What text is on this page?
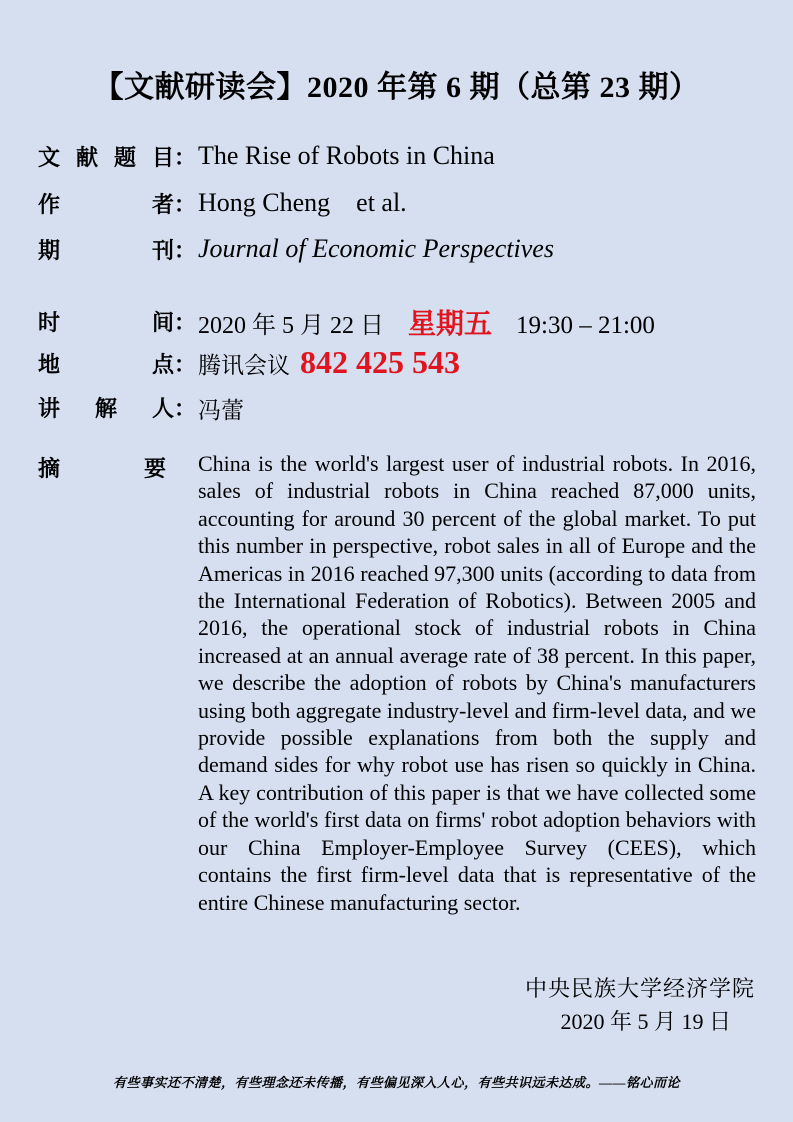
【文献研读会】2020 年第 6 期（总第 23 期）
文 献 题 目 ： The Rise of Robots in China
作	者 ： Hong Cheng    et al.
期	刊 ： Journal of Economic Perspectives
时	间 ： 2020 年 5 月 22 日 星期五 19:30 – 21:00
地	点 ： 腾讯会议 842 425 543
讲 解 人 ： 冯蕾
摘	要 China is the world's largest user of industrial robots. In 2016, sales of industrial robots in China reached 87,000 units, accounting for around 30 percent of the global market. To put this number in perspective, robot sales in all of Europe and the Americas in 2016 reached 97,300 units (according to data from the International Federation of Robotics). Between 2005 and 2016, the operational stock of industrial robots in China increased at an annual average rate of 38 percent. In this paper, we describe the adoption of robots by China's manufacturers using both aggregate industry-level and firm-level data, and we provide possible explanations from both the supply and demand sides for why robot use has risen so quickly in China. A key contribution of this paper is that we have collected some of the world's first data on firms' robot adoption behaviors with our China Employer-Employee Survey (CEES), which contains the first firm-level data that is representative of the entire Chinese manufacturing sector.
中央民族大学经济学院
2020 年 5 月 19 日
有些事实还不清楚，有些理念还未传播，有些偏见深入人心，有些共识远未达成。——铭心而论
